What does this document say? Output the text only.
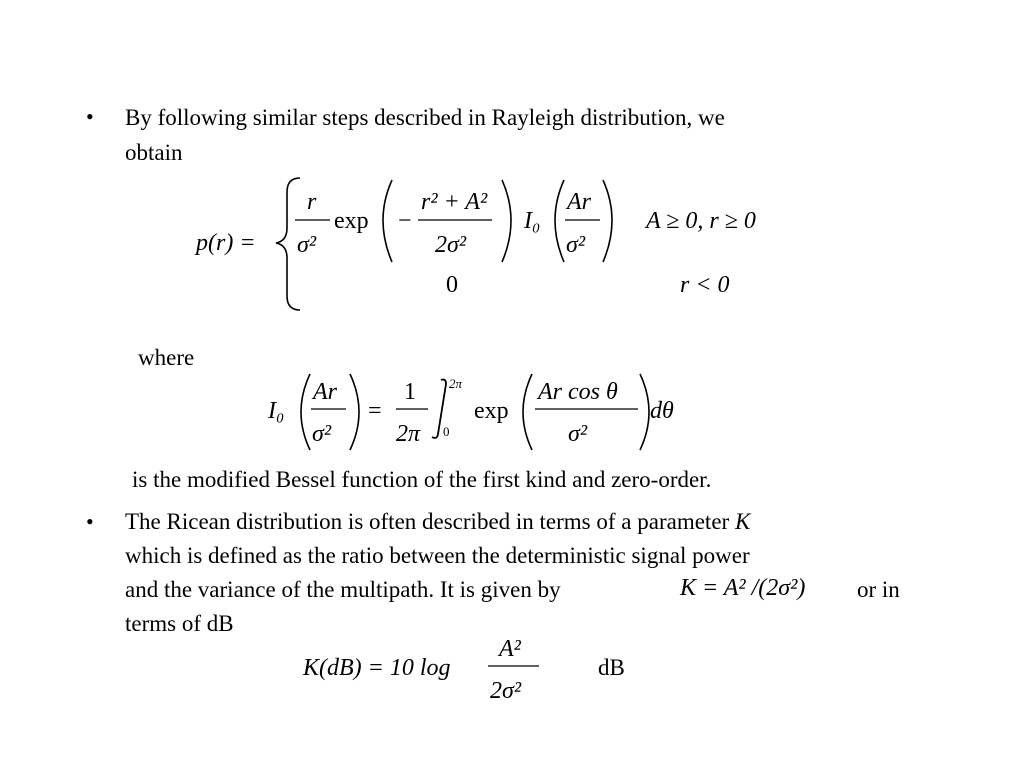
• By following similar steps described in Rayleigh distribution, we
obtain
p(r) =
r
σ²
exp −
r² + A²
2σ²
I₀
Ar
σ²
A ≥ 0, r ≥ 0
0	r < 0
where
I₀
Ar
σ²
=
1
2π
2π
0
exp
Ar cos θ
σ²
dθ
is the modified Bessel function of the first kind and zero-order.
• The Ricean distribution is often described in terms of a parameter K
which is defined as the ratio between the deterministic signal power
and the variance of the multipath. It is given by	K = A² /(2σ²) or in
terms of dB
K(dB) = 10 log
A²
2σ²
dB
